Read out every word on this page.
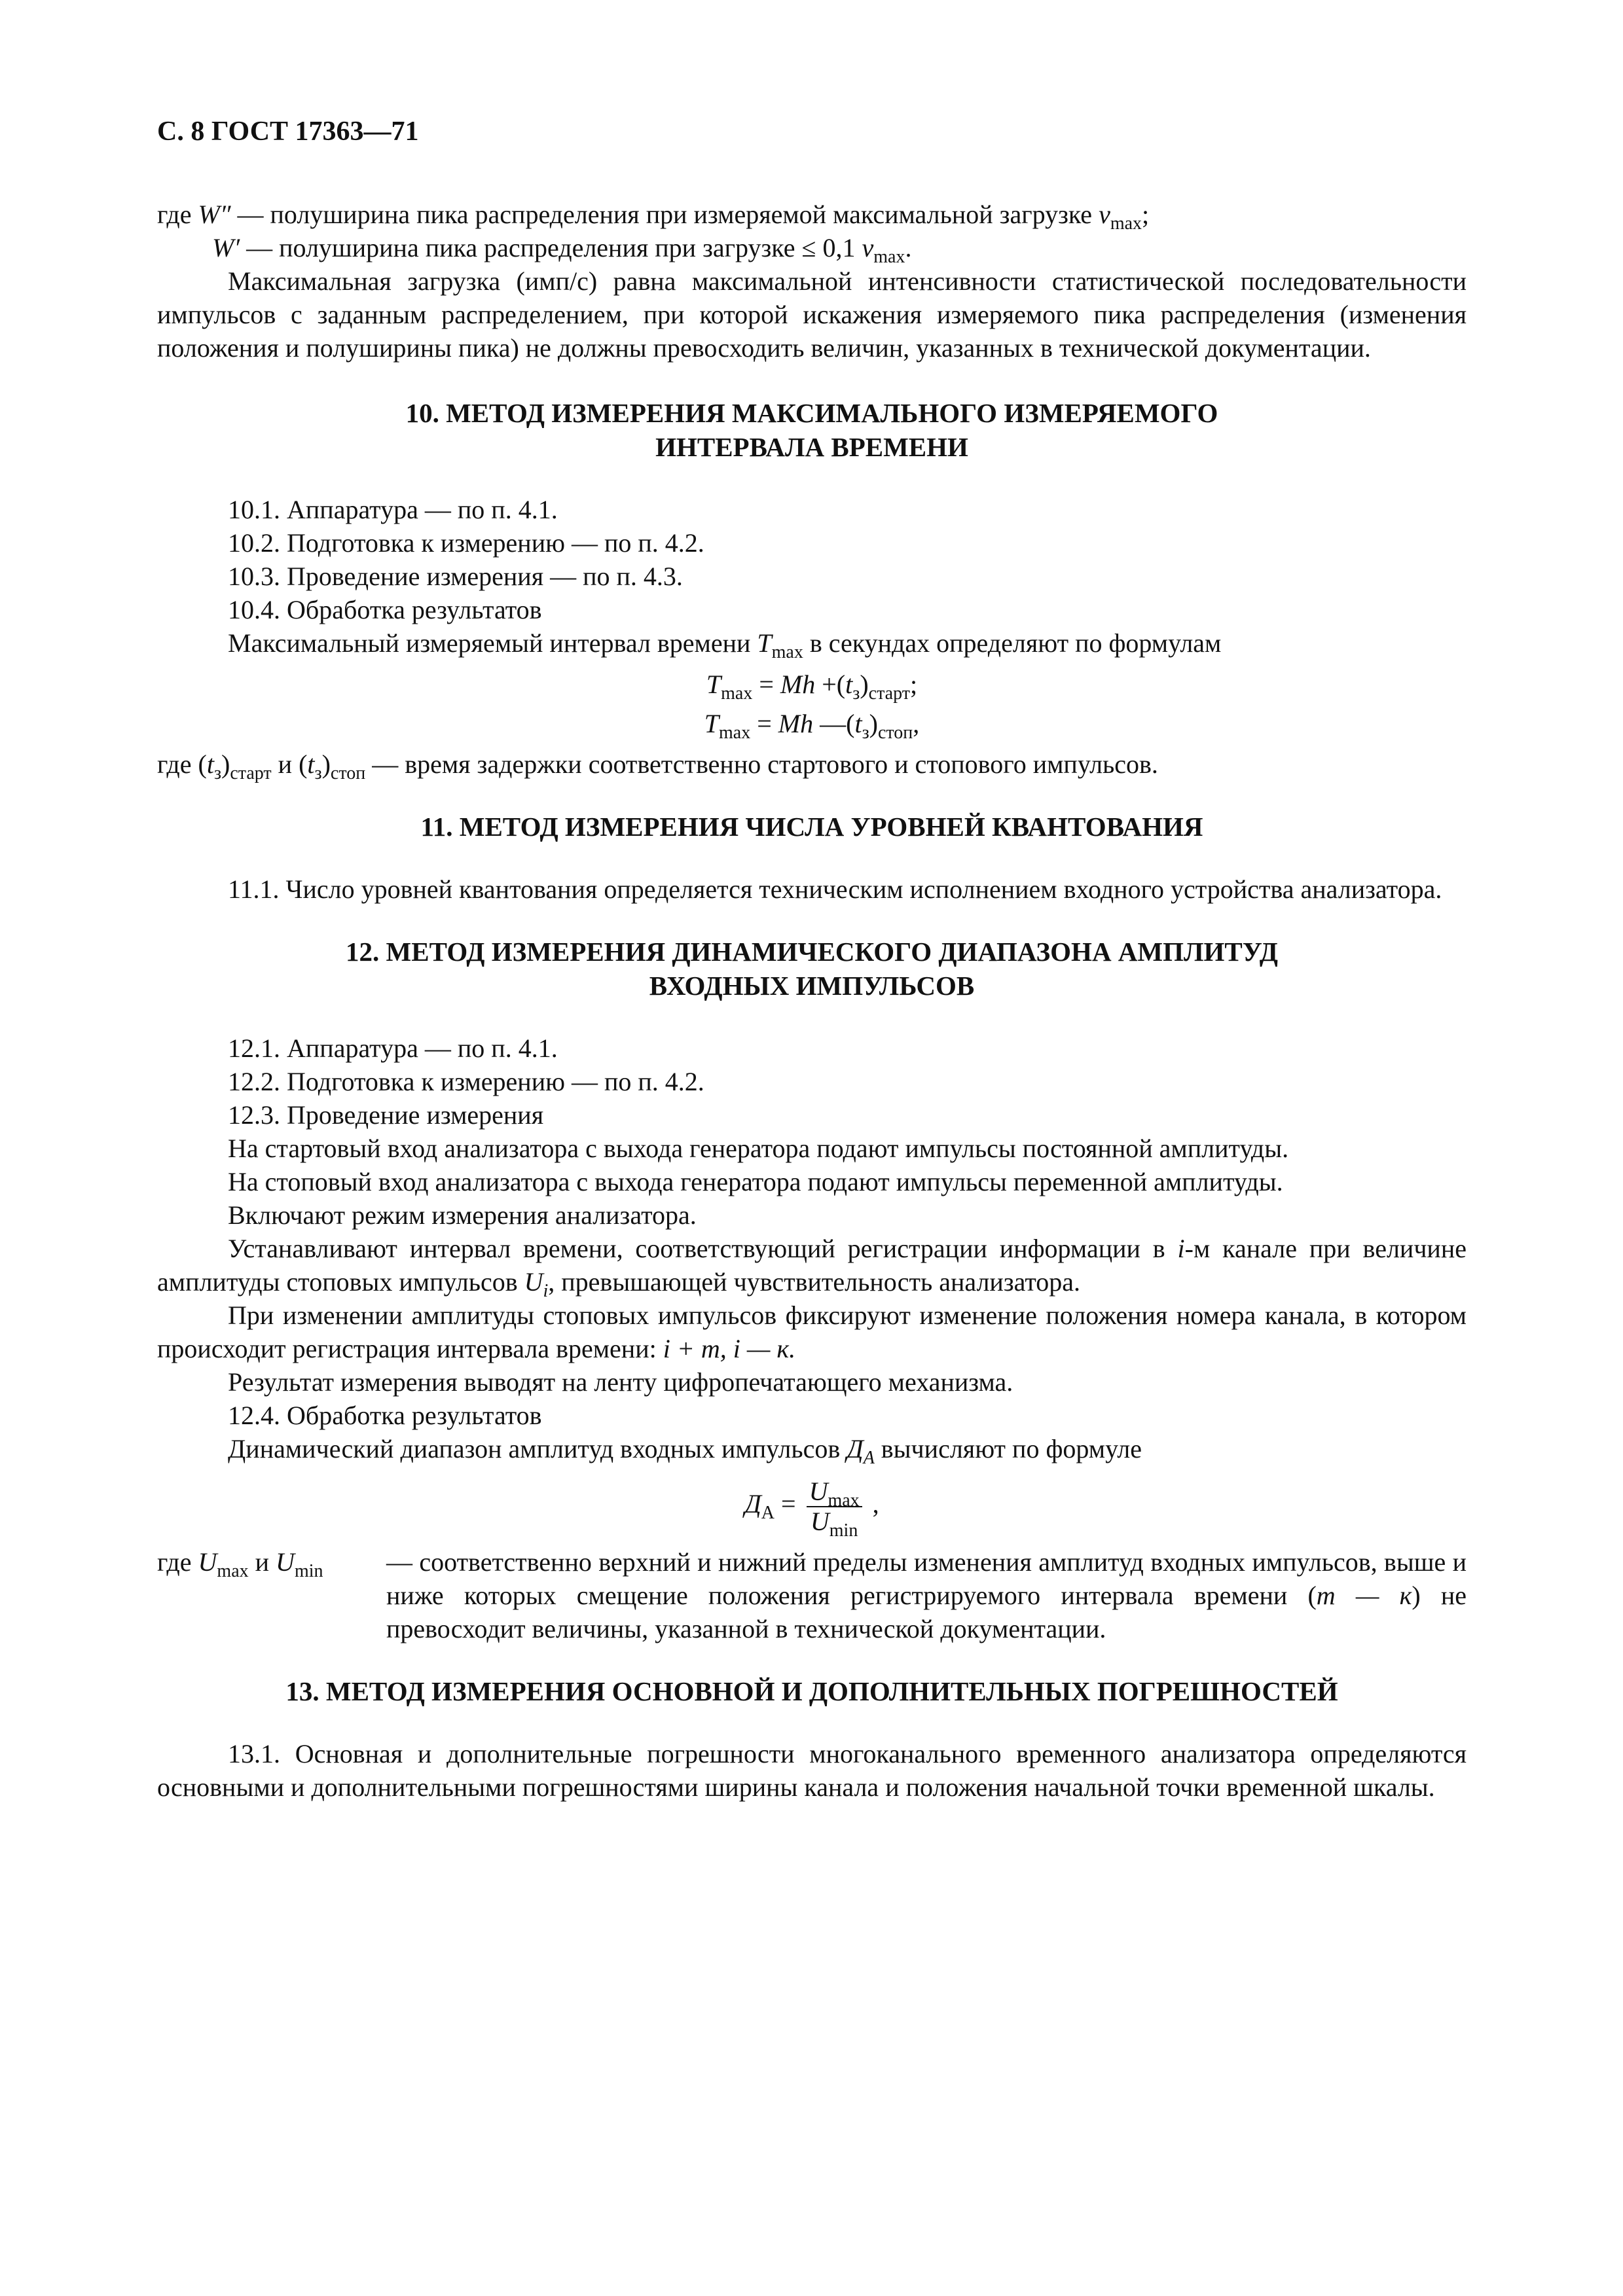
С. 8 ГОСТ 17363—71
где W″ — полуширина пика распределения при измеряемой максимальной загрузке $v_{max}$;
W′ — полуширина пика распределения при загрузке ≤ 0,1 $v_{max}$.

Максимальная загрузка (имп/с) равна максимальной интенсивности статистической последовательности импульсов с заданным распределением, при которой искажения измеряемого пика распределения (изменения положения и полуширины пика) не должны превосходить величин, указанных в технической документации.

10. МЕТОД ИЗМЕРЕНИЯ МАКСИМАЛЬНОГО ИЗМЕРЯЕМОГО
ИНТЕРВАЛА ВРЕМЕНИ
10.1. Аппаратура — по п. 4.1.
10.2. Подготовка к измерению — по п. 4.2.
10.3. Проведение измерения — по п. 4.3.
10.4. Обработка результатов
Максимальный измеряемый интервал времени $T_{max}$ в секундах определяют по формулам
$T_{max} = Mh +(t_з)_{старт}$;
$T_{max} = Mh$ $—(t_з)_{стоп}$,
где $(t_з)_{старт}$ и $(t_з)_{стоп}$ — время задержки соответственно стартового и стопового импульсов.
11. МЕТОД ИЗМЕРЕНИЯ ЧИСЛА УРОВНЕЙ КВАНТОВАНИЯ

11.1. Число уровней квантования определяется техническим исполнением входного устройства анализатора.

12. МЕТОД ИЗМЕРЕНИЯ ДИНАМИЧЕСКОГО ДИАПАЗОНА АМПЛИТУД
ВХОДНЫХ ИМПУЛЬСОВ
12.1. Аппаратура — по п. 4.1.
12.2. Подготовка к измерению — по п. 4.2.
12.3. Проведение измерения
На стартовый вход анализатора с выхода генератора подают импульсы постоянной амплитуды.
На стоповый вход анализатора с выхода генератора подают импульсы переменной амплитуды.
Включают режим измерения анализатора.

Устанавливают интервал времени, соответствующий регистрации информации в i-м канале при величине амплитуды стоповых импульсов $U_i$, превышающей чувствительность анализатора.

При изменении амплитуды стоповых импульсов фиксируют изменение положения номера канала, в котором происходит регистрация интервала времени: i + m, i — к.

Результат измерения выводят на ленту цифропечатающего механизма.
12.4. Обработка результатов
Динамический диапазон амплитуд входных импульсов $Д_A$ вычисляют по формуле
$Д_A = \frac{U_{max}}{U_{min}}$ ,
где $U_{max}$ и $U_{min}$	— соответственно верхний и нижний пределы изменения амплитуд входных импульсов, выше и ниже которых смещение положения регистрируемого интервала времени (m — к) не превосходит величины, указанной в технической документации.
13. МЕТОД ИЗМЕРЕНИЯ ОСНОВНОЙ И ДОПОЛНИТЕЛЬНЫХ ПОГРЕШНОСТЕЙ

13.1. Основная и дополнительные погрешности многоканального временного анализатора определяются основными и дополнительными погрешностями ширины канала и положения начальной точки временной шкалы.
